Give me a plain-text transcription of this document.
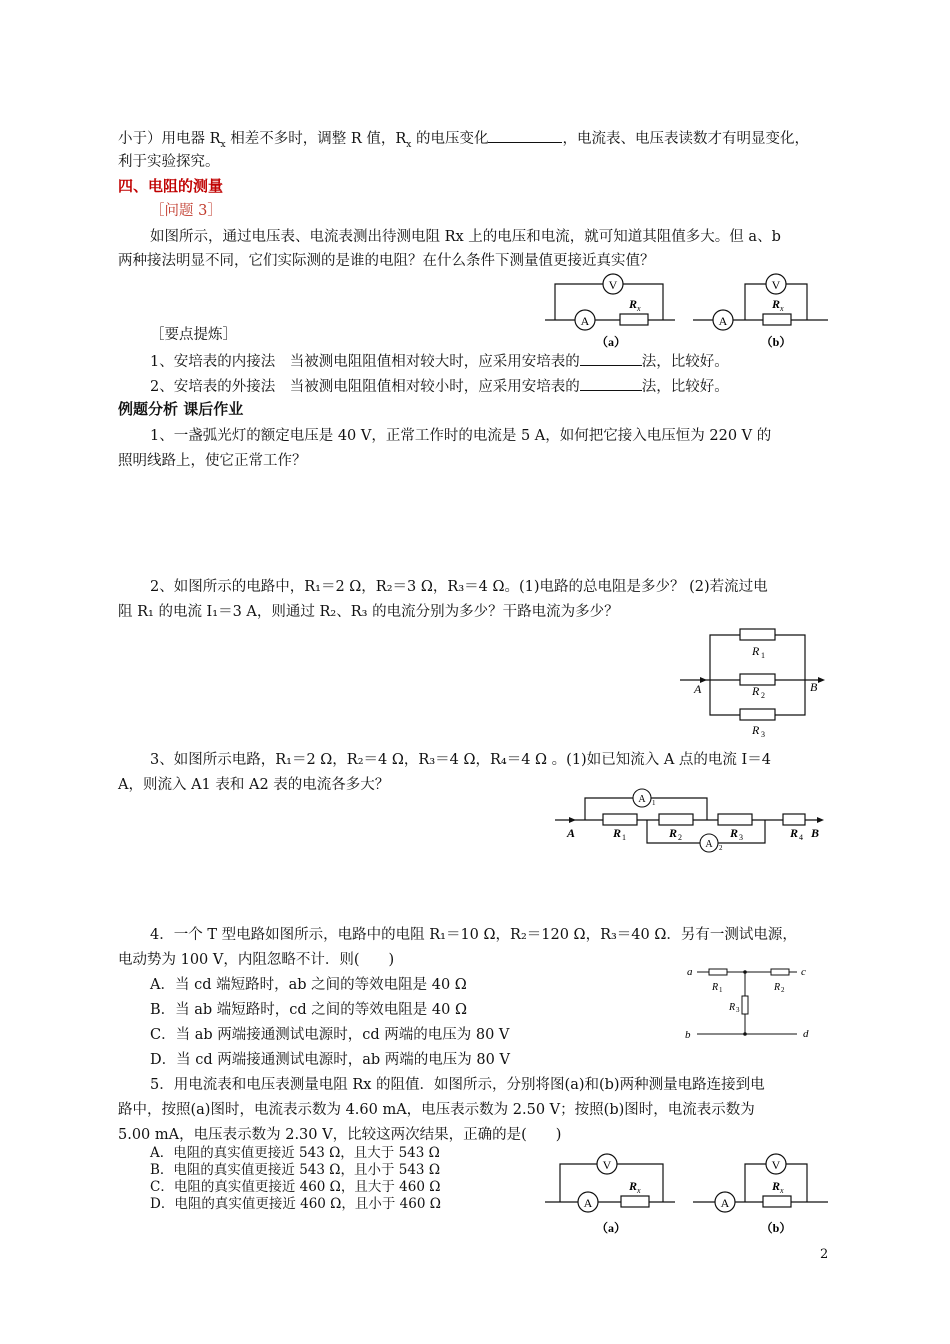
小于）用电器 $R_x$ 相差不多时，调整 R 值，$R_x$ 的电压变化	，电流表、电压表读数才有明显变化，
利于实验探究。
四、电阻的测量
［问题 3］
如图所示，通过电压表、电流表测出待测电阻 Rx 上的电压和电流，就可知道其阻值多大。但 a、b
两种接法明显不同，它们实际测的是谁的电阻？在什么条件下测量值更接近真实值？
［要点提炼］
1、安培表的内接法　当被测电阻阻值相对较大时，应采用安培表的	法，比较好。
2、安培表的外接法　当被测电阻阻值相对较小时，应采用安培表的	法，比较好。
V
A
R x
（a）
V
A
R x
（b）
例题分析 课后作业
1、一盏弧光灯的额定电压是 40 V，正常工作时的电流是 5 A，如何把它接入电压恒为 220 V 的
照明线路上，使它正常工作？
2、如图所示的电路中，R₁＝2 Ω，R₂＝3 Ω，R₃＝4 Ω。(1)电路的总电阻是多少？ (2)若流过电
阻 R₁ 的电流 I₁＝3 A，则通过 R₂、R₃ 的电流分别为多少？干路电流为多少？
R 1
R 2
R 3
A	B
3、如图所示电路，R₁＝2 Ω，R₂＝4 Ω，R₃＝4 Ω，R₄＝4 Ω 。(1)如已知流入 A 点的电流 I＝4
A，则流入 A1 表和 A2 表的电流各多大？
A 1
A 2
R 1	R 2	R 3	R 4
A	B
4．一个 T 型电路如图所示，电路中的电阻 R₁＝10 Ω，R₂＝120 Ω，R₃＝40 Ω．另有一测试电源，
电动势为 100 V，内阻忽略不计．则(　　)
A．当 cd 端短路时，ab 之间的等效电阻是 40 Ω
B．当 ab 端短路时，cd 之间的等效电阻是 40 Ω
C．当 ab 两端接通测试电源时，cd 两端的电压为 80 V
D．当 cd 两端接通测试电源时，ab 两端的电压为 80 V
a	c
b	d
R 1	R 2
R 3
5．用电流表和电压表测量电阻 Rx 的阻值．如图所示，分别将图(a)和(b)两种测量电路连接到电
路中，按照(a)图时，电流表示数为 4.60 mA，电压表示数为 2.50 V；按照(b)图时，电流表示数为
5.00 mA，电压表示数为 2.30 V，比较这两次结果，正确的是(　　)
A．电阻的真实值更接近 543 Ω，且大于 543 Ω
B．电阻的真实值更接近 543 Ω，且小于 543 Ω
C．电阻的真实值更接近 460 Ω，且大于 460 Ω
D．电阻的真实值更接近 460 Ω，且小于 460 Ω
V
A
R x
（a）
V
A
R x
（b）
2
